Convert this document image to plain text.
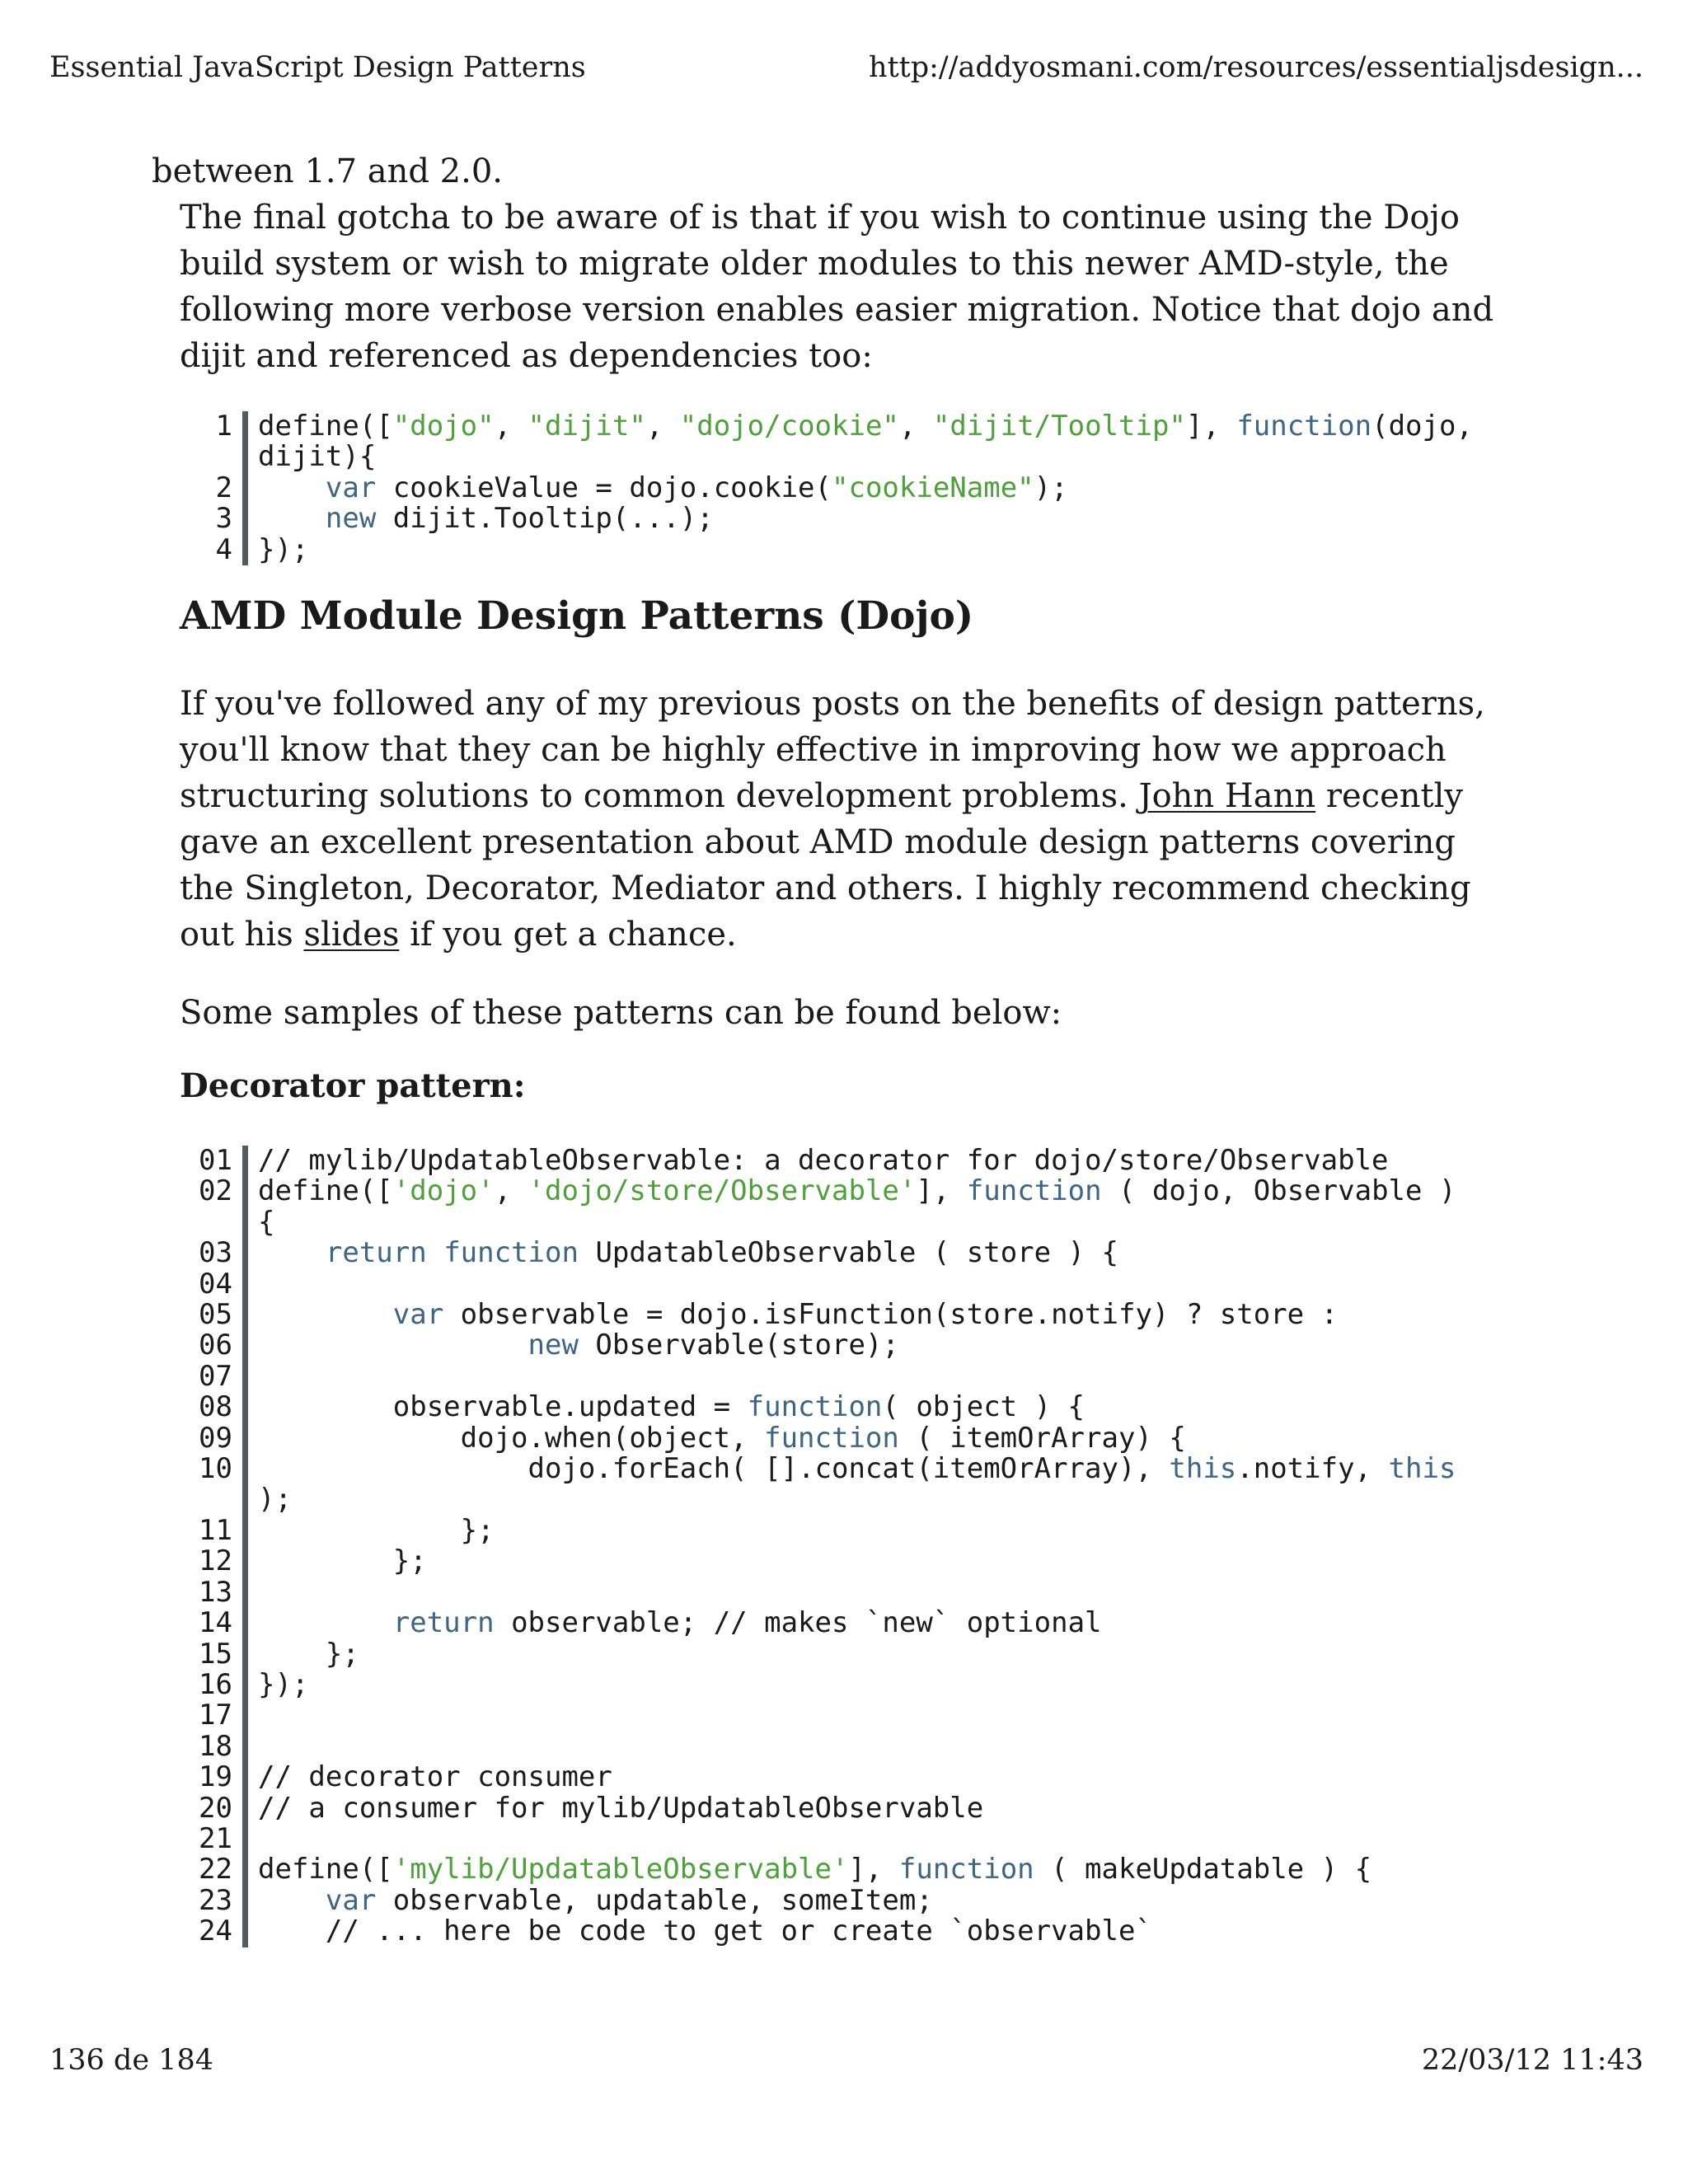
Essential JavaScript Design Patterns	http://addyosmani.com/resources/essentialjsdesign...
between 1.7 and 2.0.
The final gotcha to be aware of is that if you wish to continue using the Dojo
build system or wish to migrate older modules to this newer AMD-style, the
following more verbose version enables easier migration. Notice that dojo and
dijit and referenced as dependencies too:
1 define(["dojo", "dijit", "dojo/cookie", "dijit/Tooltip"], function(dojo,
dijit){
2	var cookieValue = dojo.cookie("cookieName");
3	new dijit.Tooltip(...);
4 });
AMD Module Design Patterns (Dojo)
If you've followed any of my previous posts on the benefits of design patterns,
you'll know that they can be highly effective in improving how we approach
structuring solutions to common development problems. John Hann recently
gave an excellent presentation about AMD module design patterns covering
the Singleton, Decorator, Mediator and others. I highly recommend checking
out his slides if you get a chance.
Some samples of these patterns can be found below:
Decorator pattern:
01 // mylib/UpdatableObservable: a decorator for dojo/store/Observable
02 define(['dojo', 'dojo/store/Observable'], function ( dojo, Observable )
{
03	return function UpdatableObservable ( store ) {
04
05	var observable = dojo.isFunction(store.notify) ? store :
06	new Observable(store);
07
08 observable.updated = function( object ) {
09 dojo.when(object, function ( itemOrArray) {
10 dojo.forEach( [].concat(itemOrArray), this.notify, this
);
11 };
12 };
13
14	return observable; // makes `new` optional
15 };
16 });
17
18
19 // decorator consumer
20 // a consumer for mylib/UpdatableObservable
21
22 define(['mylib/UpdatableObservable'], function ( makeUpdatable ) {
23	var observable, updatable, someItem;
24 // ... here be code to get or create `observable`
136 de 184	22/03/12 11:43
